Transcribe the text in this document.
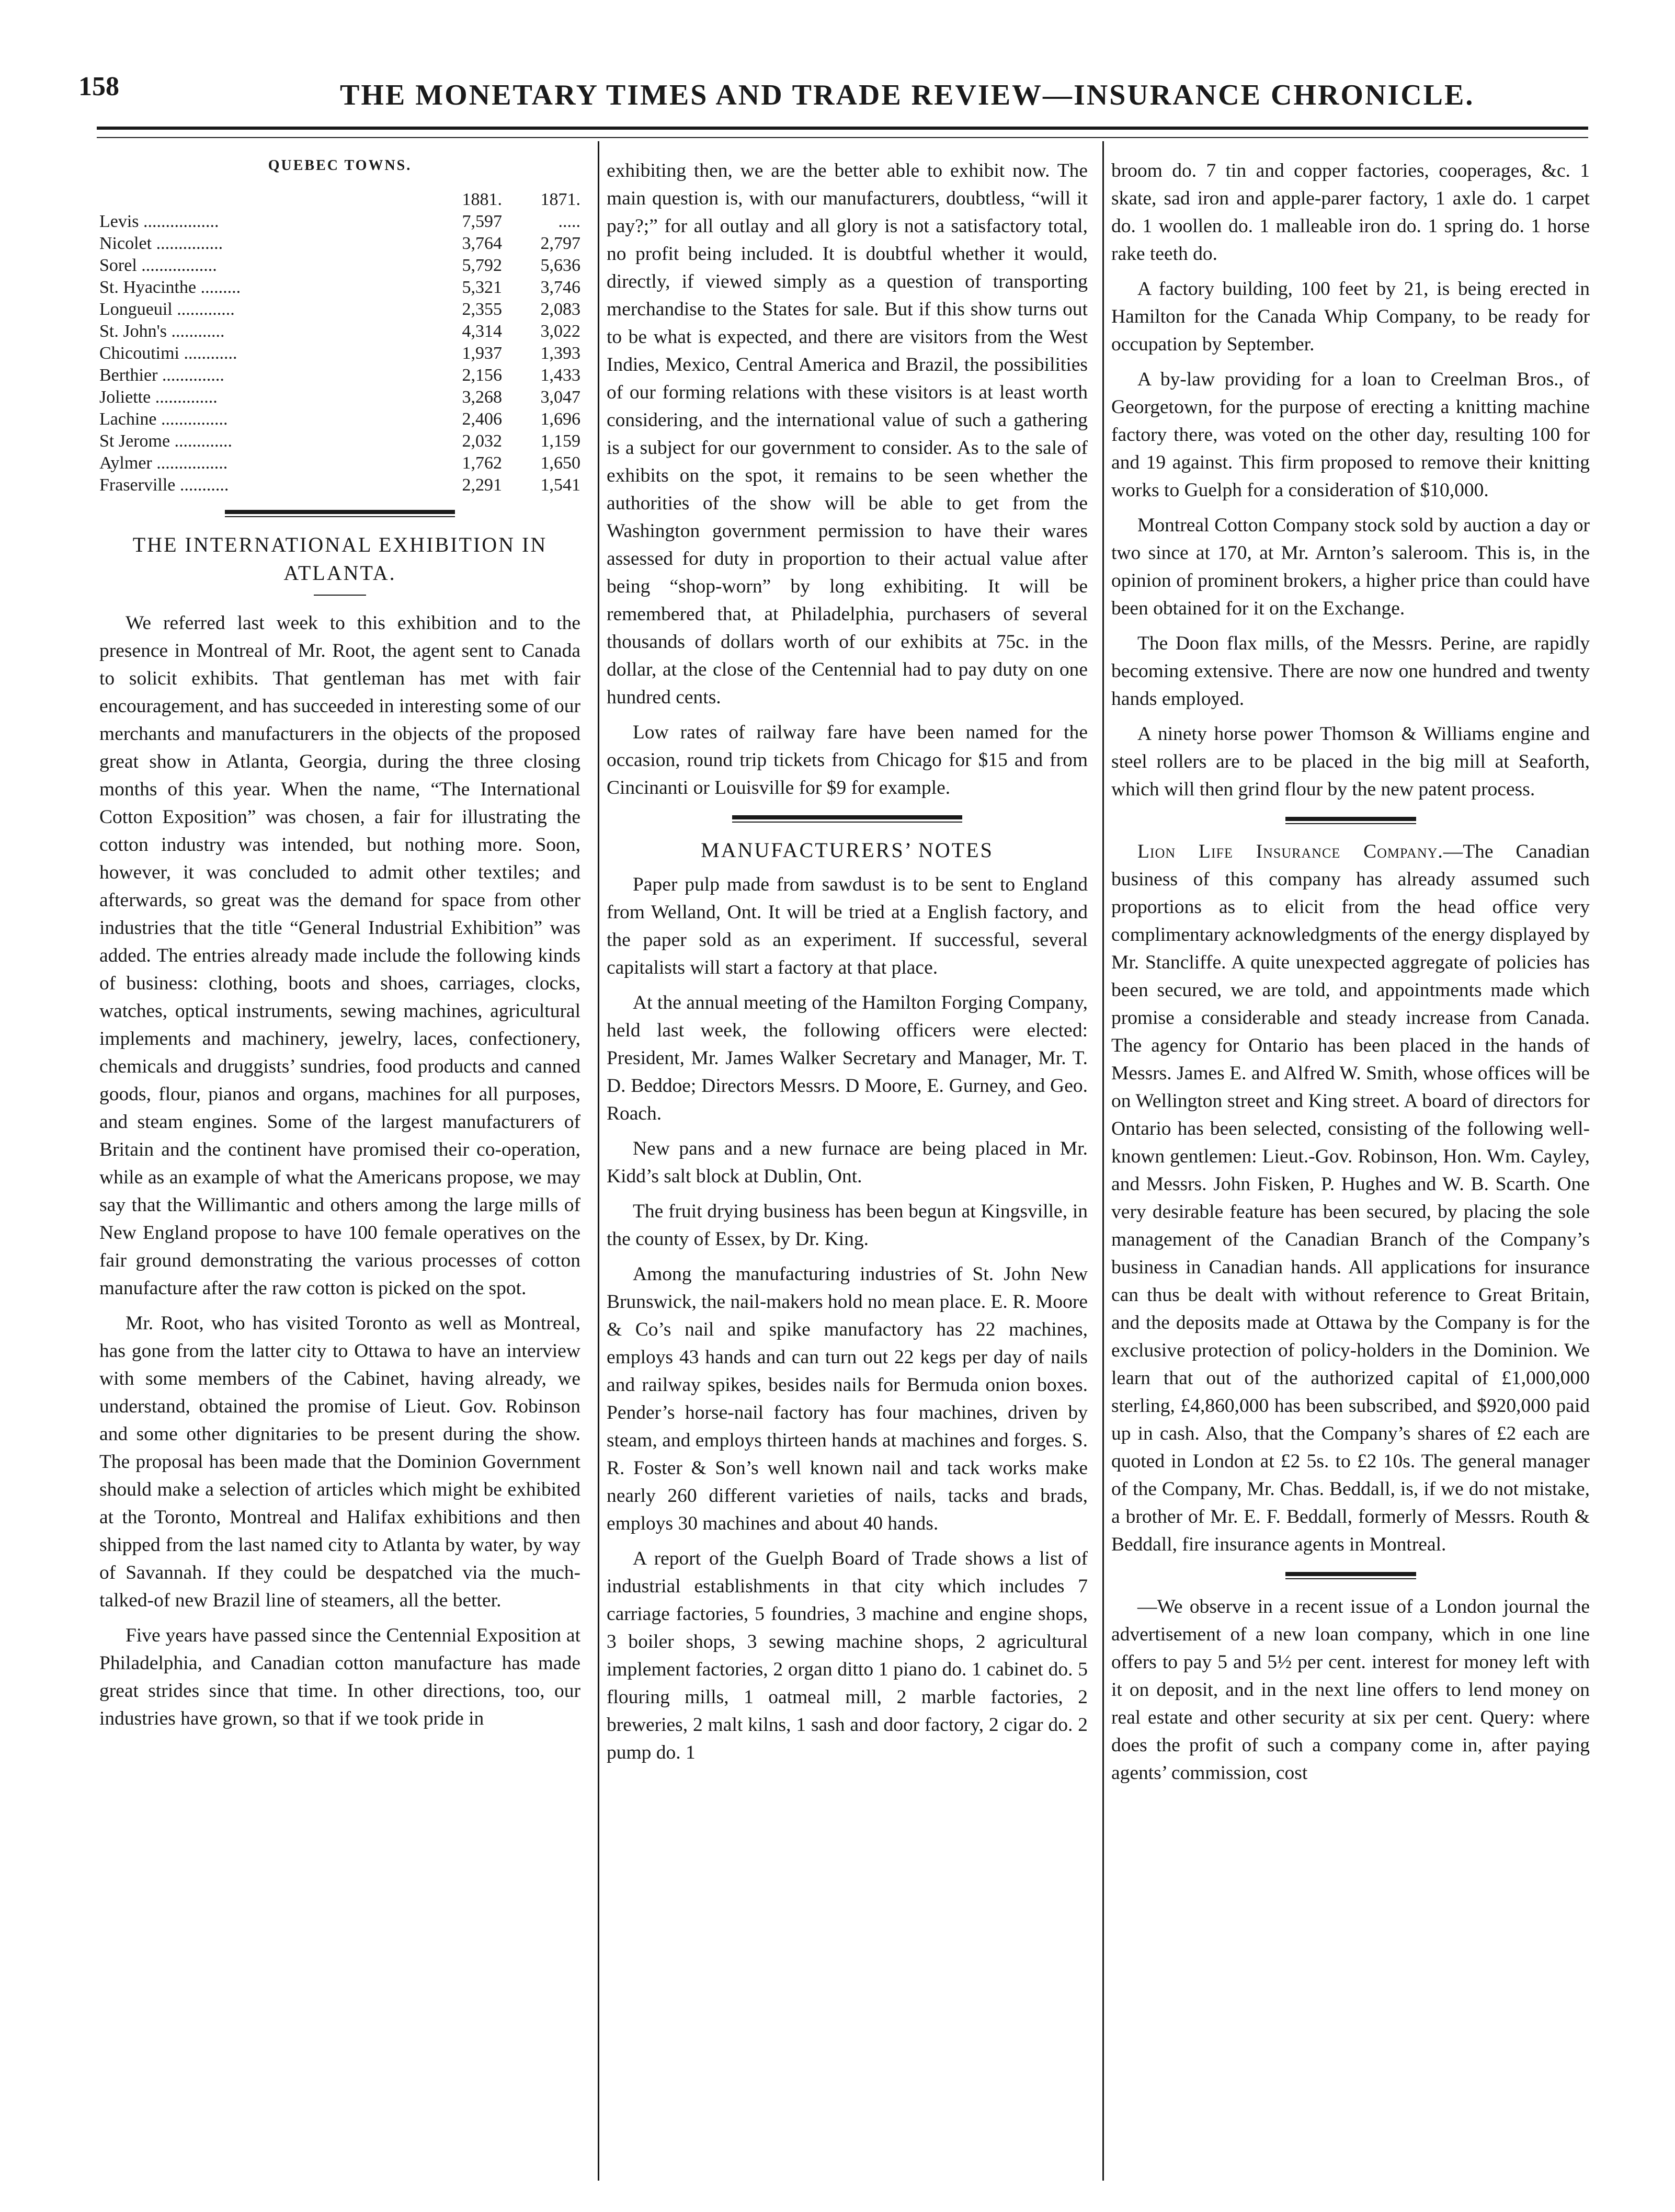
158	THE MONETARY TIMES AND TRADE REVIEW—INSURANCE CHRONICLE.
QUEBEC TOWNS.
	1881.	1871.
Levis .................	7,597	.....
Nicolet ...............	3,764	2,797
Sorel .................	5,792	5,636
St. Hyacinthe .........	5,321	3,746
Longueuil .............	2,355	2,083
St. John's ............	4,314	3,022
Chicoutimi ............	1,937	1,393
Berthier ..............	2,156	1,433
Joliette ..............	3,268	3,047
Lachine ...............	2,406	1,696
St Jerome .............	2,032	1,159
Aylmer ................	1,762	1,650
Fraserville ...........	2,291	1,541
THE INTERNATIONAL EXHIBITION IN ATLANTA.

We referred last week to this exhibition and to the presence in Montreal of Mr. Root, the agent sent to Canada to solicit exhibits. That gentleman has met with fair encouragement, and has succeeded in interesting some of our merchants and manufacturers in the objects of the proposed great show in Atlanta, Georgia, during the three closing months of this year. When the name, “The International Cotton Exposition” was chosen, a fair for illustrating the cotton industry was intended, but nothing more. Soon, however, it was concluded to admit other textiles; and afterwards, so great was the demand for space from other industries that the title “General Industrial Exhibition” was added. The entries already made include the following kinds of business: clothing, boots and shoes, carriages, clocks, watches, optical instruments, sewing machines, agricultural implements and machinery, jewelry, laces, confectionery, chemicals and druggists’ sundries, food products and canned goods, flour, pianos and organs, machines for all purposes, and steam engines. Some of the largest manufacturers of Britain and the continent have promised their co-operation, while as an example of what the Americans propose, we may say that the Willimantic and others among the large mills of New England propose to have 100 female operatives on the fair ground demonstrating the various processes of cotton manufacture after the raw cotton is picked on the spot.

Mr. Root, who has visited Toronto as well as Montreal, has gone from the latter city to Ottawa to have an interview with some members of the Cabinet, having already, we understand, obtained the promise of Lieut. Gov. Robinson and some other dignitaries to be present during the show. The proposal has been made that the Dominion Government should make a selection of articles which might be exhibited at the Toronto, Montreal and Halifax exhibitions and then shipped from the last named city to Atlanta by water, by way of Savannah. If they could be despatched via the much-talked-of new Brazil line of steamers, all the better.

Five years have passed since the Centennial Exposition at Philadelphia, and Canadian cotton manufacture has made great strides since that time. In other directions, too, our industries have grown, so that if we took pride in

exhibiting then, we are the better able to exhibit now. The main question is, with our manufacturers, doubtless, “will it pay?;” for all outlay and all glory is not a satisfactory total, no profit being included. It is doubtful whether it would, directly, if viewed simply as a question of transporting merchandise to the States for sale. But if this show turns out to be what is expected, and there are visitors from the West Indies, Mexico, Central America and Brazil, the possibilities of our forming relations with these visitors is at least worth considering, and the international value of such a gathering is a subject for our government to consider. As to the sale of exhibits on the spot, it remains to be seen whether the authorities of the show will be able to get from the Washington government permission to have their wares assessed for duty in proportion to their actual value after being “shop-worn” by long exhibiting. It will be remembered that, at Philadelphia, purchasers of several thousands of dollars worth of our exhibits at 75c. in the dollar, at the close of the Centennial had to pay duty on one hundred cents.

Low rates of railway fare have been named for the occasion, round trip tickets from Chicago for $15 and from Cincinanti or Louisville for $9 for example.

MANUFACTURERS’ NOTES

Paper pulp made from sawdust is to be sent to England from Welland, Ont. It will be tried at a English factory, and the paper sold as an experiment. If successful, several capitalists will start a factory at that place.

At the annual meeting of the Hamilton Forging Company, held last week, the following officers were elected: President, Mr. James Walker Secretary and Manager, Mr. T. D. Beddoe; Directors Messrs. D Moore, E. Gurney, and Geo. Roach.

New pans and a new furnace are being placed in Mr. Kidd’s salt block at Dublin, Ont.

The fruit drying business has been begun at Kingsville, in the county of Essex, by Dr. King.

Among the manufacturing industries of St. John New Brunswick, the nail-makers hold no mean place. E. R. Moore & Co’s nail and spike manufactory has 22 machines, employs 43 hands and can turn out 22 kegs per day of nails and railway spikes, besides nails for Bermuda onion boxes. Pender’s horse-nail factory has four machines, driven by steam, and employs thirteen hands at machines and forges. S. R. Foster & Son’s well known nail and tack works make nearly 260 different varieties of nails, tacks and brads, employs 30 machines and about 40 hands.

A report of the Guelph Board of Trade shows a list of industrial establishments in that city which includes 7 carriage factories, 5 foundries, 3 machine and engine shops, 3 boiler shops, 3 sewing machine shops, 2 agricultural implement factories, 2 organ ditto 1 piano do. 1 cabinet do. 5 flouring mills, 1 oatmeal mill, 2 marble factories, 2 breweries, 2 malt kilns, 1 sash and door factory, 2 cigar do. 2 pump do. 1

broom do. 7 tin and copper factories, cooperages, &c. 1 skate, sad iron and apple-parer factory, 1 axle do. 1 carpet do. 1 woollen do. 1 malleable iron do. 1 spring do. 1 horse rake teeth do.

A factory building, 100 feet by 21, is being erected in Hamilton for the Canada Whip Company, to be ready for occupation by September.

A by-law providing for a loan to Creelman Bros., of Georgetown, for the purpose of erecting a knitting machine factory there, was voted on the other day, resulting 100 for and 19 against. This firm proposed to remove their knitting works to Guelph for a consideration of $10,000.

Montreal Cotton Company stock sold by auction a day or two since at 170, at Mr. Arnton’s saleroom. This is, in the opinion of prominent brokers, a higher price than could have been obtained for it on the Exchange.

The Doon flax mills, of the Messrs. Perine, are rapidly becoming extensive. There are now one hundred and twenty hands employed.

A ninety horse power Thomson & Williams engine and steel rollers are to be placed in the big mill at Seaforth, which will then grind flour by the new patent process.

Lion Life Insurance Company.—The Canadian business of this company has already assumed such proportions as to elicit from the head office very complimentary acknowledgments of the energy displayed by Mr. Stancliffe. A quite unexpected aggregate of policies has been secured, we are told, and appointments made which promise a considerable and steady increase from Canada. The agency for Ontario has been placed in the hands of Messrs. James E. and Alfred W. Smith, whose offices will be on Wellington street and King street. A board of directors for Ontario has been selected, consisting of the following well-known gentlemen: Lieut.-Gov. Robinson, Hon. Wm. Cayley, and Messrs. John Fisken, P. Hughes and W. B. Scarth. One very desirable feature has been secured, by placing the sole management of the Canadian Branch of the Company’s business in Canadian hands. All applications for insurance can thus be dealt with without reference to Great Britain, and the deposits made at Ottawa by the Company is for the exclusive protection of policy-holders in the Dominion. We learn that out of the authorized capital of £1,000,000 sterling, £4,860,000 has been subscribed, and $920,000 paid up in cash. Also, that the Company’s shares of £2 each are quoted in London at £2 5s. to £2 10s. The general manager of the Company, Mr. Chas. Beddall, is, if we do not mistake, a brother of Mr. E. F. Beddall, formerly of Messrs. Routh & Beddall, fire insurance agents in Montreal.

—We observe in a recent issue of a London journal the advertisement of a new loan company, which in one line offers to pay 5 and 5½ per cent. interest for money left with it on deposit, and in the next line offers to lend money on real estate and other security at six per cent. Query: where does the profit of such a company come in, after paying agents’ commission, cost
